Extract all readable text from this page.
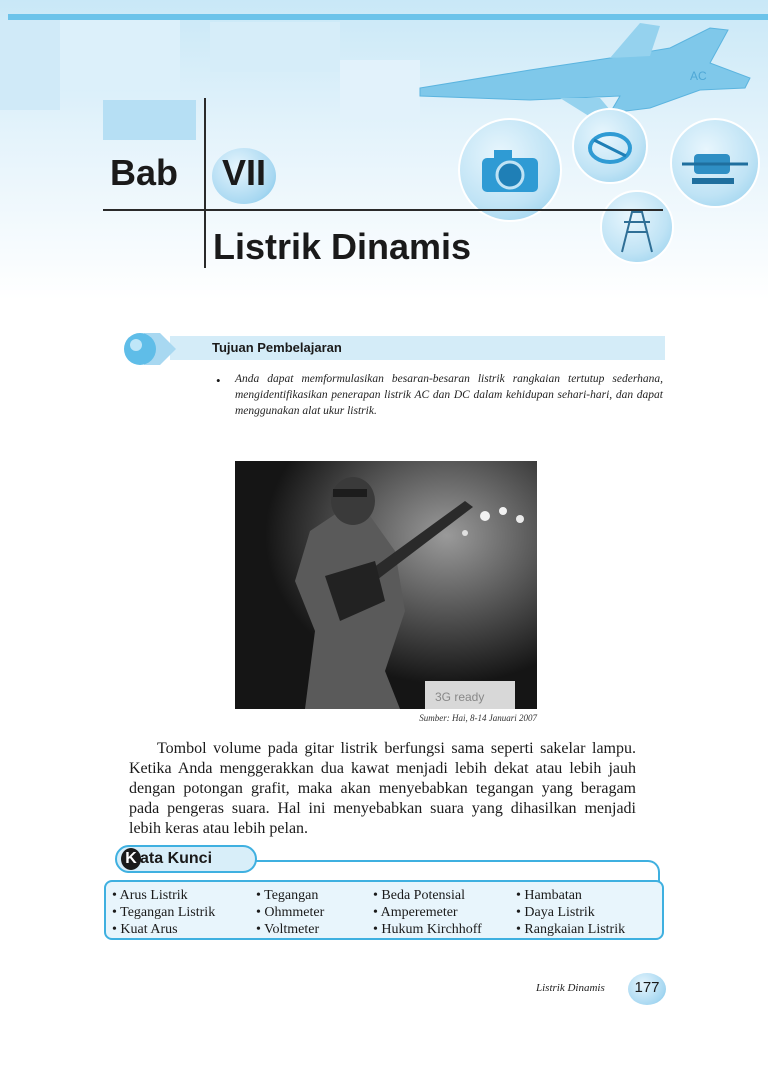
AC
Bab VII
Listrik Dinamis
Tujuan Pembelajaran
• Anda dapat memformulasikan besaran-besaran listrik rangkaian tertutup sederhana, mengidentifikasikan penerapan listrik AC dan DC dalam kehidupan sehari-hari, dan dapat menggunakan alat ukur listrik.
3G ready
Sumber: Hai, 8-14 Januari 2007

Tombol volume pada gitar listrik berfungsi sama seperti sakelar lampu. Ketika Anda menggerakkan dua kawat menjadi lebih dekat atau lebih jauh dengan potongan grafit, maka akan menyebabkan tegangan yang beragam pada pengeras suara. Hal ini menyebabkan suara yang dihasilkan menjadi lebih keras atau lebih pelan.

K ata Kunci
• Arus Listrik
• Tegangan Listrik
• Kuat Arus
• Tegangan
• Ohmmeter
• Voltmeter
• Beda Potensial
• Amperemeter
• Hukum Kirchhoff
• Hambatan
• Daya Listrik
• Rangkaian Listrik
Listrik Dinamis	177
